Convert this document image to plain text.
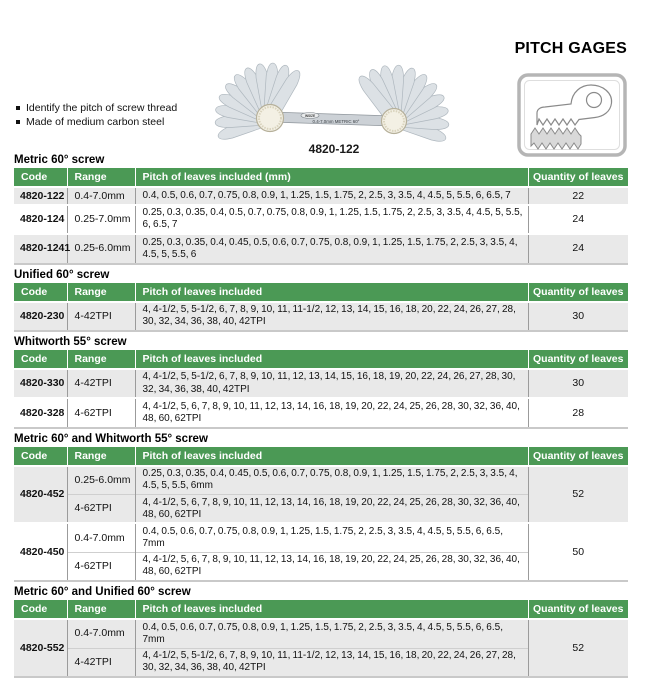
Identify the pitch of screw thread
Made of medium carbon steel
INSIZE
0.4-7.0mm METRIC 60°
4820-122
PITCH GAGES
Metric 60° screw
Code	Range	Pitch of leaves included (mm)	Quantity of leaves
4820-122	0.4-7.0mm	0.4, 0.5, 0.6, 0.7, 0.75, 0.8, 0.9, 1, 1.25, 1.5, 1.75, 2, 2.5, 3, 3.5, 4, 4.5, 5, 5.5, 6, 6.5, 7	22
4820-124	0.25-7.0mm	0.25, 0.3, 0.35, 0.4, 0.5, 0.7, 0.75, 0.8, 0.9, 1, 1.25, 1.5, 1.75, 2, 2.5, 3, 3.5, 4, 4.5, 5, 5.5, 6, 6.5, 7	24
4820-1241	0.25-6.0mm	0.25, 0.3, 0.35, 0.4, 0.45, 0.5, 0.6, 0.7, 0.75, 0.8, 0.9, 1, 1.25, 1.5, 1.75, 2, 2.5, 3, 3.5, 4, 4.5, 5, 5.5, 6	24
Unified 60° screw
Code	Range	Pitch of leaves included	Quantity of leaves
4820-230	4-42TPI	4, 4-1/2, 5, 5-1/2, 6, 7, 8, 9, 10, 11, 11-1/2, 12, 13, 14, 15, 16, 18, 20, 22, 24, 26, 27, 28, 30, 32, 34, 36, 38, 40, 42TPI	30
Whitworth 55° screw
Code	Range	Pitch of leaves included	Quantity of leaves
4820-330	4-42TPI	4, 4-1/2, 5, 5-1/2, 6, 7, 8, 9, 10, 11, 12, 13, 14, 15, 16, 18, 19, 20, 22, 24, 26, 27, 28, 30, 32, 34, 36, 38, 40, 42TPI	30
4820-328	4-62TPI	4, 4-1/2, 5, 6, 7, 8, 9, 10, 11, 12, 13, 14, 16, 18, 19, 20, 22, 24, 25, 26, 28, 30, 32, 36, 40, 48, 60, 62TPI	28
Metric 60° and Whitworth 55° screw
Code	Range	Pitch of leaves included	Quantity of leaves
4820-452	0.25-6.0mm	0.25, 0.3, 0.35, 0.4, 0.45, 0.5, 0.6, 0.7, 0.75, 0.8, 0.9, 1, 1.25, 1.5, 1.75, 2, 2.5, 3, 3.5, 4, 4.5, 5, 5.5, 6mm	52
	4-62TPI	4, 4-1/2, 5, 6, 7, 8, 9, 10, 11, 12, 13, 14, 16, 18, 19, 20, 22, 24, 25, 26, 28, 30, 32, 36, 40, 48, 60, 62TPI	
4820-450	0.4-7.0mm	0.4, 0.5, 0.6, 0.7, 0.75, 0.8, 0.9, 1, 1.25, 1.5, 1.75, 2, 2.5, 3, 3.5, 4, 4.5, 5, 5.5, 6, 6.5, 7mm	50
	4-62TPI	4, 4-1/2, 5, 6, 7, 8, 9, 10, 11, 12, 13, 14, 16, 18, 19, 20, 22, 24, 25, 26, 28, 30, 32, 36, 40, 48, 60, 62TPI	
Metric 60° and Unified 60° screw
Code	Range	Pitch of leaves included	Quantity of leaves
4820-552	0.4-7.0mm	0.4, 0.5, 0.6, 0.7, 0.75, 0.8, 0.9, 1, 1.25, 1.5, 1.75, 2, 2.5, 3, 3.5, 4, 4.5, 5, 5.5, 6, 6.5, 7mm	52
	4-42TPI	4, 4-1/2, 5, 5-1/2, 6, 7, 8, 9, 10, 11, 11-1/2, 12, 13, 14, 15, 16, 18, 20, 22, 24, 26, 27, 28, 30, 32, 34, 36, 38, 40, 42TPI	
